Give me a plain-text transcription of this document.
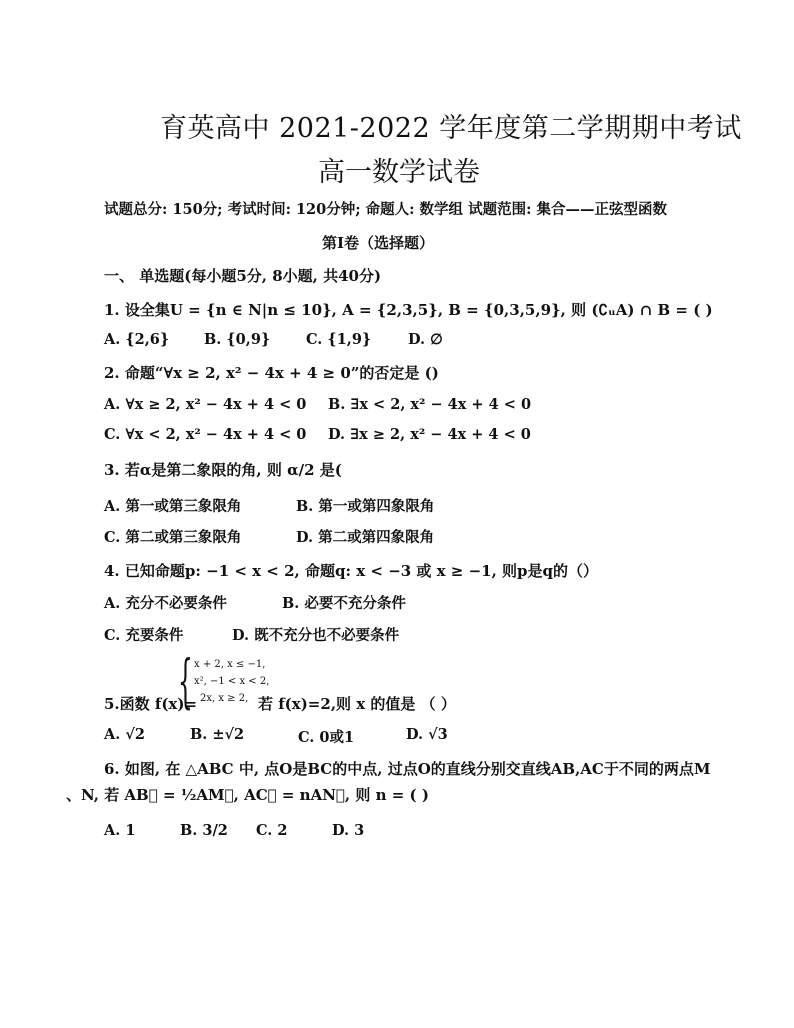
育英高中 2021-2022 学年度第二学期期中考试
高一数学试卷
试题总分: 150分; 考试时间: 120分钟; 命题人: 数学组 试题范围: 集合——正弦型函数
第I卷（选择题）
一、 单选题(每小题5分, 8小题, 共40分)
1. 设全集U = {n ∈ N|n ≤ 10}, A = {2,3,5}, B = {0,3,5,9}, 则 (∁ᵤA) ∩ B = ( )
A. {2,6} B. {0,9} C. {1,9}	D. ∅
2. 命题“∀x ≥ 2, x² − 4x + 4 ≥ 0”的否定是 ()
A. ∀x ≥ 2, x² − 4x + 4 < 0 B. ∃x < 2, x² − 4x + 4 < 0
C. ∀x < 2, x² − 4x + 4 < 0 D. ∃x ≥ 2, x² − 4x + 4 < 0
3. 若α是第二象限的角, 则 α/2 是(
A. 第一或第三象限角	B. 第一或第四象限角
C. 第二或第三象限角	D. 第二或第四象限角
4. 已知命题p: −1 < x < 2, 命题q: x < −3 或 x ≥ −1, 则p是q的（）
A. 充分不必要条件	B. 必要不充分条件
C. 充要条件	D. 既不充分也不必要条件
5.函数 f(x)=
{ x + 2, x ≤ −1,
x², −1 < x < 2,
2x, x ≥ 2, 若 f(x)=2,则 x 的值是 （ ）
A. √2	B. ±√2	C. 0或1	D. √3
6. 如图, 在 △ABC 中, 点O是BC的中点, 过点O的直线分别交直线AB,AC于不同的两点M
、N, 若 AB⃗ = ½AM⃗, AC⃗ = nAN⃗, 则 n = ( )
A. 1	B. 3/2 C. 2	D. 3
